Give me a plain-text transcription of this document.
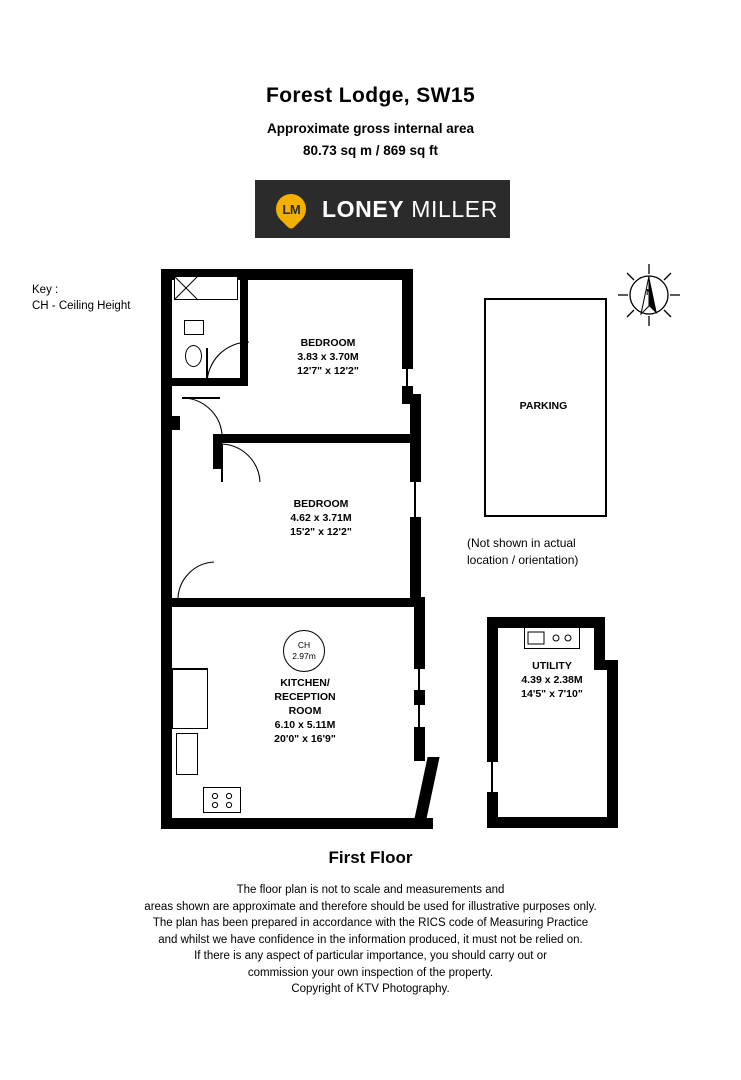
Forest Lodge, SW15
Approximate gross internal area
80.73 sq m / 869 sq ft
LM LONEY MILLER
Key :
CH - Ceiling Height
N
PARKING
(Not shown in actual
location / orientation)
BEDROOM
3.83 x 3.70M
12'7" x 12'2"
BEDROOM
4.62 x 3.71M
15'2" x 12'2"
KITCHEN/
RECEPTION
ROOM
6.10 x 5.11M
20'0" x 16'9"
CH
2.97m
UTILITY
4.39 x 2.38M
14'5" x 7'10"
First Floor
The floor plan is not to scale and measurements and
areas shown are approximate and therefore should be used for illustrative purposes only.
The plan has been prepared in accordance with the RICS code of Measuring Practice
and whilst we have confidence in the information produced, it must not be relied on.
If there is any aspect of particular importance, you should carry out or
commission your own inspection of the property.
Copyright of KTV Photography.
